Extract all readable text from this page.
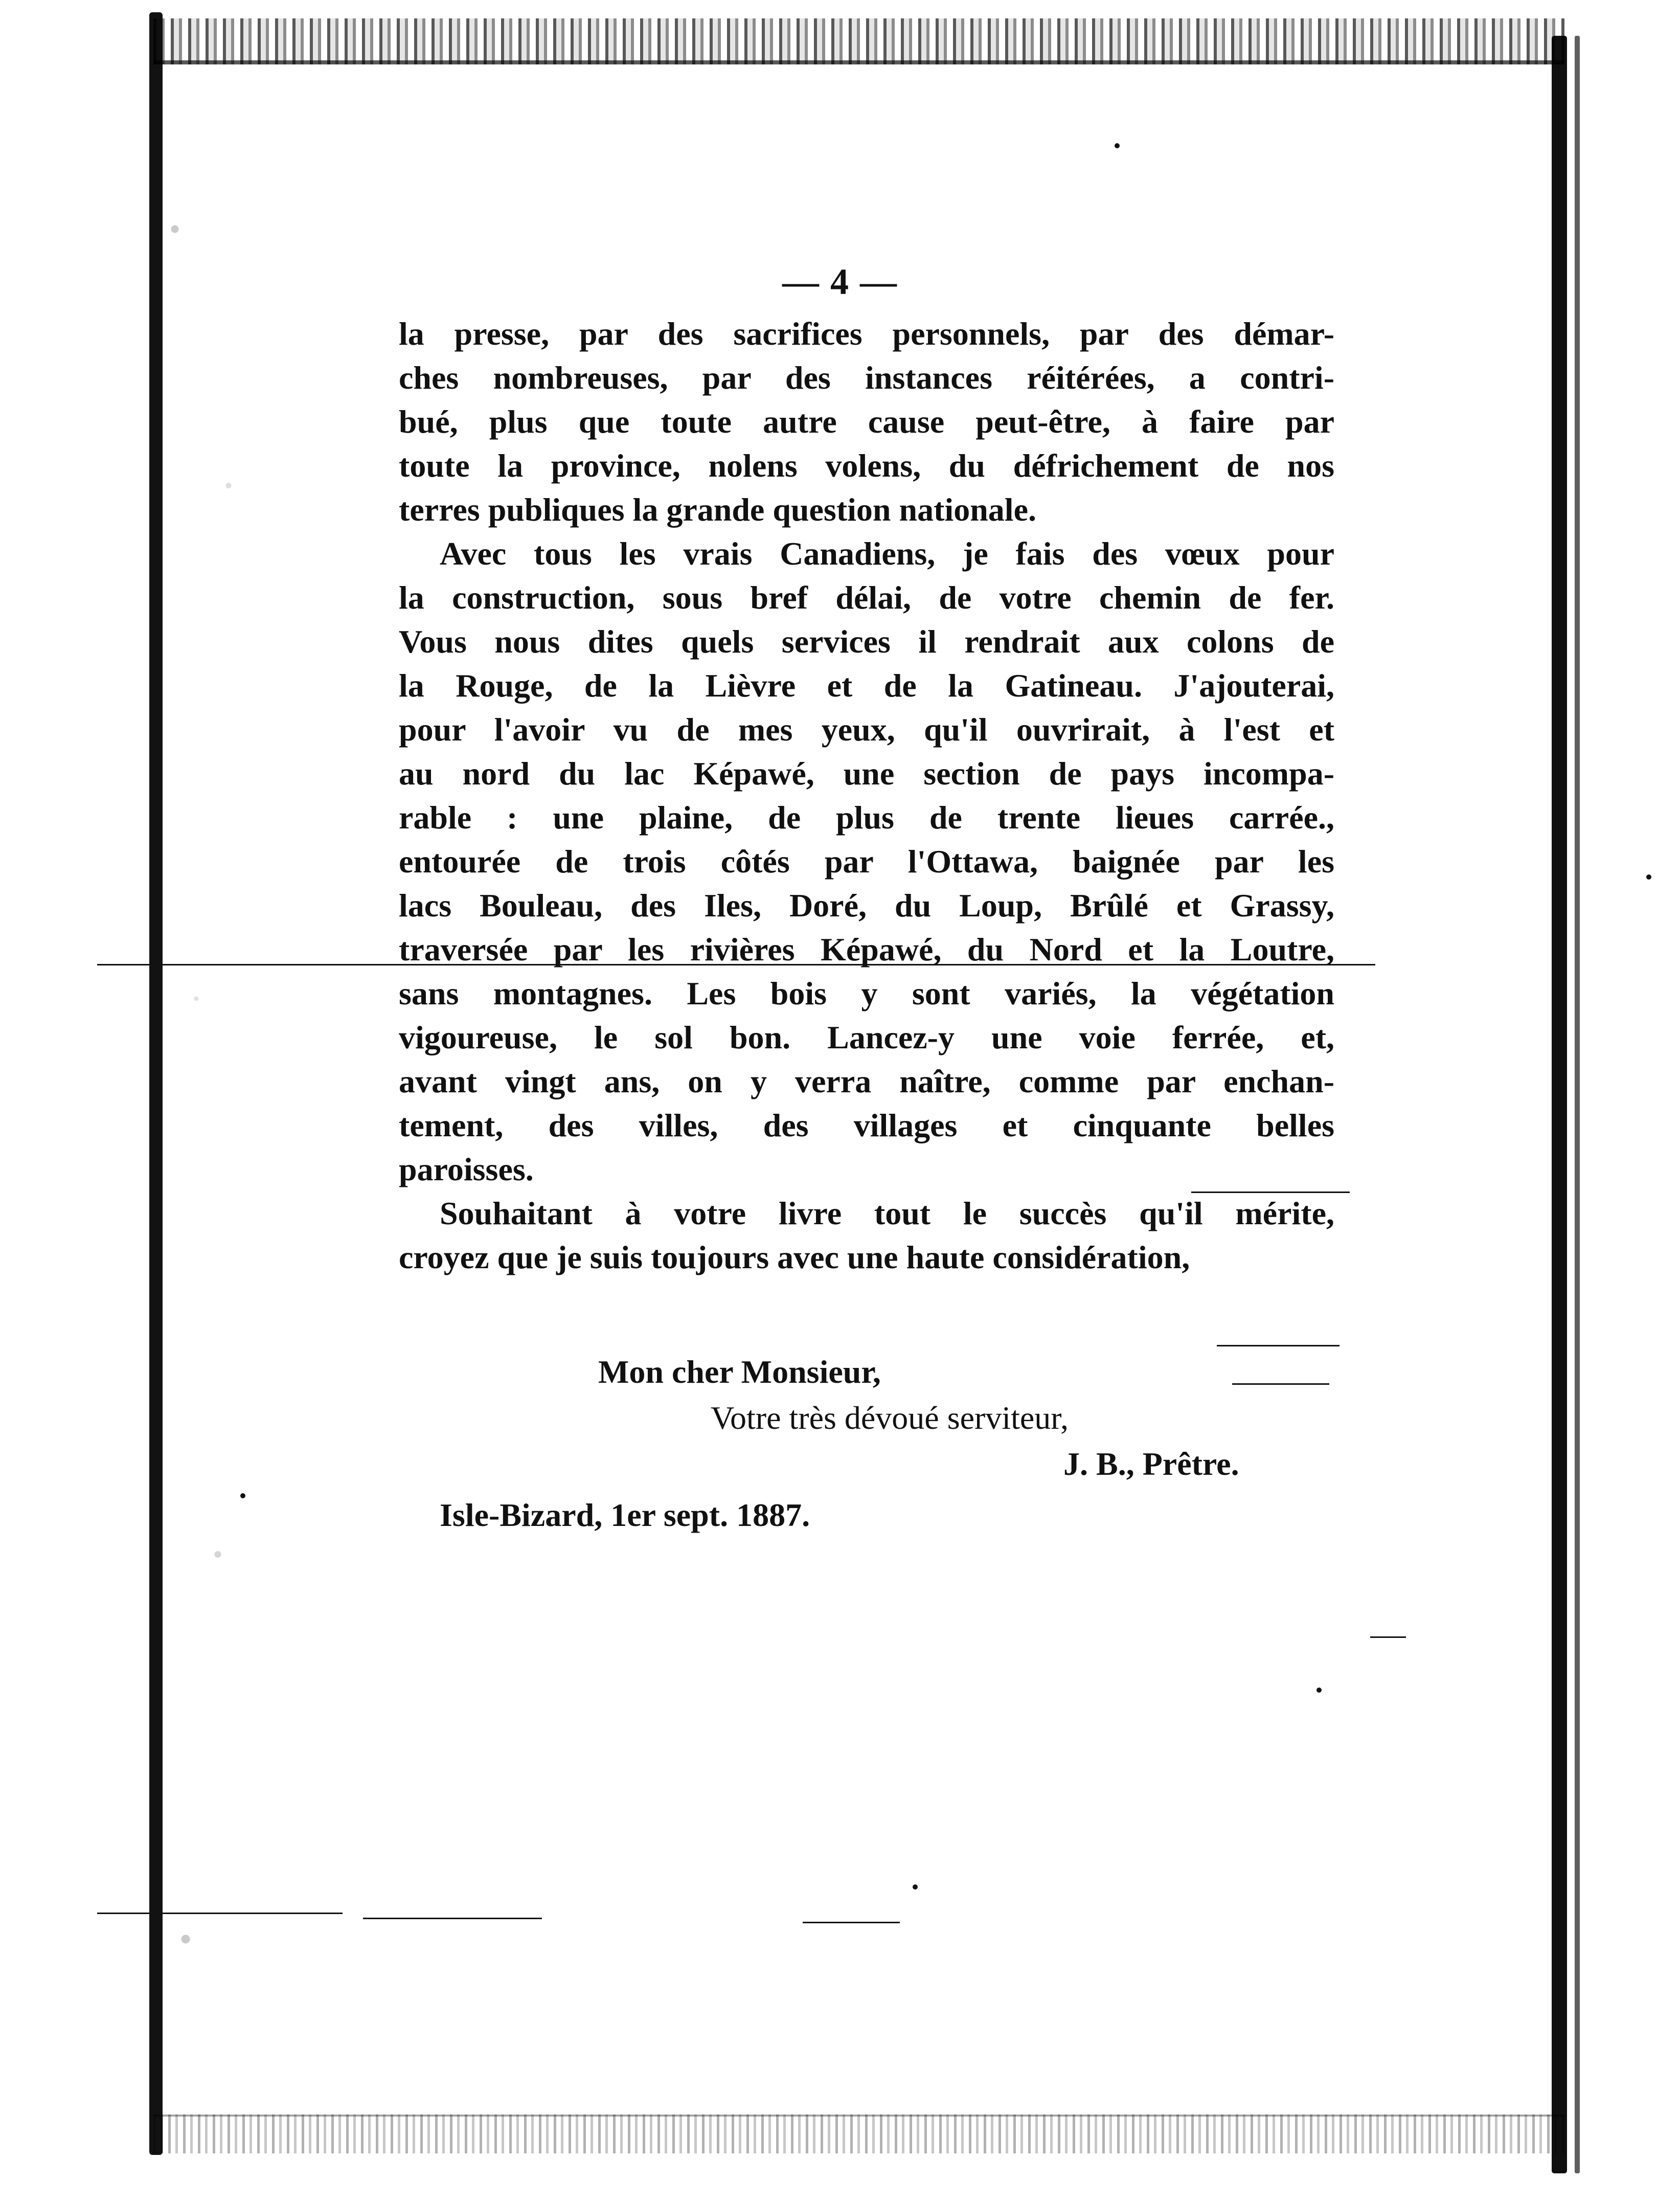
— 4 —
la presse, par des sacrifices personnels, par des démar-
ches nombreuses, par des instances réitérées, a contri-
bué, plus que toute autre cause peut-être, à faire par
toute la province, nolens volens, du défrichement de nos
terres publiques la grande question nationale.
Avec tous les vrais Canadiens, je fais des vœux pour
la construction, sous bref délai, de votre chemin de fer.
Vous nous dites quels services il rendrait aux colons de
la Rouge, de la Lièvre et de la Gatineau. J'ajouterai,
pour l'avoir vu de mes yeux, qu'il ouvrirait, à l'est et
au nord du lac Képawé, une section de pays incompa-
rable : une plaine, de plus de trente lieues carrée.,
entourée de trois côtés par l'Ottawa, baignée par les
lacs Bouleau, des Iles, Doré, du Loup, Brûlé et Grassy,
traversée par les rivières Képawé, du Nord et la Loutre,
sans montagnes. Les bois y sont variés, la végétation
vigoureuse, le sol bon. Lancez-y une voie ferrée, et,
avant vingt ans, on y verra naître, comme par enchan-
tement, des villes, des villages et cinquante belles
paroisses.
Souhaitant à votre livre tout le succès qu'il mérite,
croyez que je suis toujours avec une haute considération,
Mon cher Monsieur,
Votre très dévoué serviteur,
J. B., Prêtre.
Isle-Bizard, 1er sept. 1887.
